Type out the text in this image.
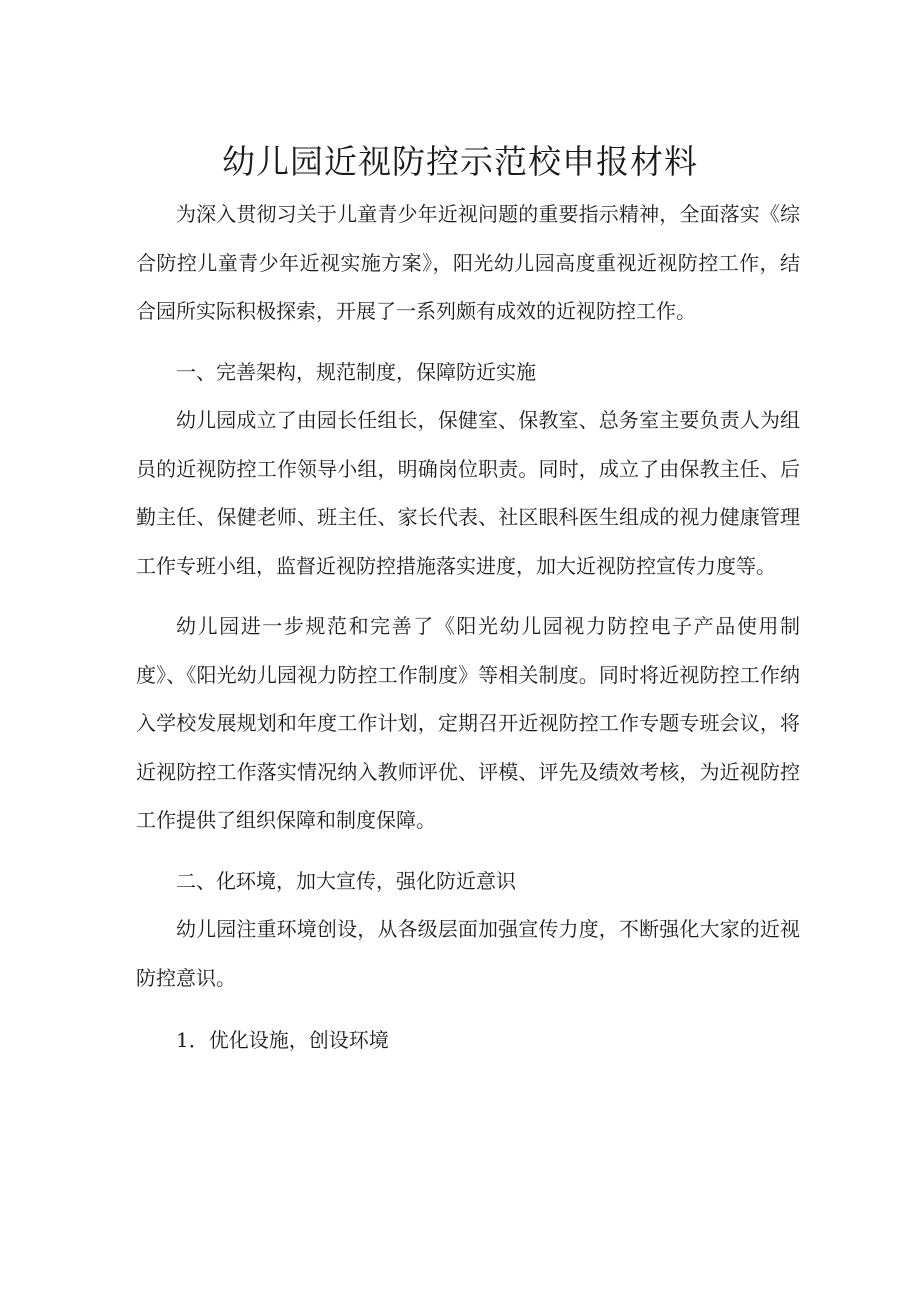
幼儿园近视防控示范校申报材料

为深入贯彻习关于儿童青少年近视问题的重要指示精神，全面落实《综合防控儿童青少年近视实施方案》，阳光幼儿园高度重视近视防控工作，结合园所实际积极探索，开展了一系列颇有成效的近视防控工作。

一、完善架构，规范制度，保障防近实施

幼儿园成立了由园长任组长，保健室、保教室、总务室主要负责人为组员的近视防控工作领导小组，明确岗位职责。同时，成立了由保教主任、后勤主任、保健老师、班主任、家长代表、社区眼科医生组成的视力健康管理工作专班小组，监督近视防控措施落实进度，加大近视防控宣传力度等。

幼儿园进一步规范和完善了《阳光幼儿园视力防控电子产品使用制度》、《阳光幼儿园视力防控工作制度》等相关制度。同时将近视防控工作纳入学校发展规划和年度工作计划，定期召开近视防控工作专题专班会议，将近视防控工作落实情况纳入教师评优、评模、评先及绩效考核，为近视防控工作提供了组织保障和制度保障。

二、化环境，加大宣传，强化防近意识

幼儿园注重环境创设，从各级层面加强宣传力度，不断强化大家的近视防控意识。

1．优化设施，创设环境
